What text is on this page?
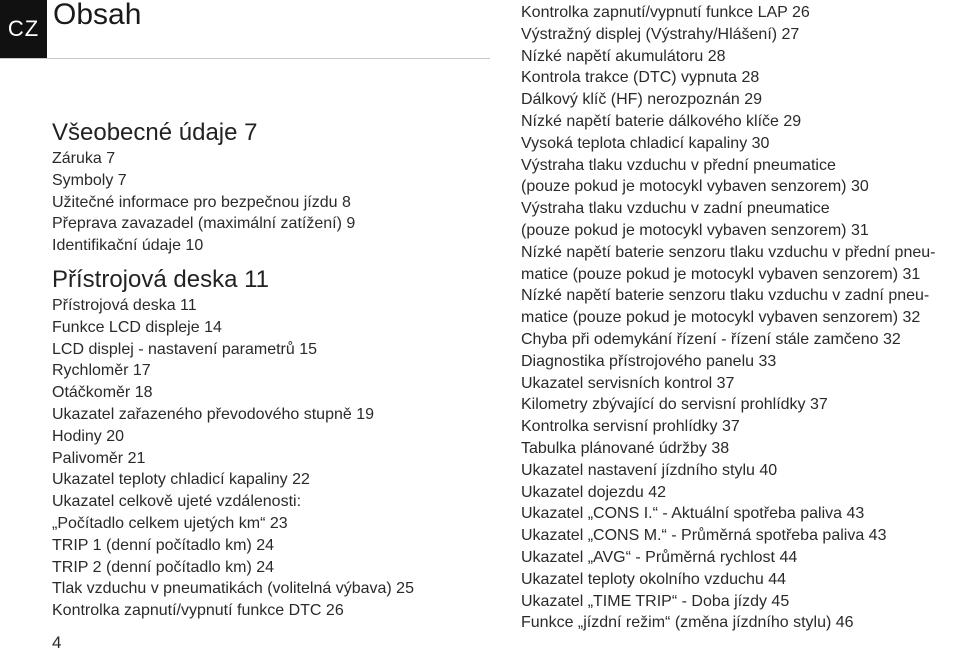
CZ Obsah
Všeobecné údaje 7
Záruka 7
Symboly 7
Užitečné informace pro bezpečnou jízdu 8
Přeprava zavazadel (maximální zatížení) 9
Identifikační údaje 10
Přístrojová deska 11
Přístrojová deska 11
Funkce LCD displeje 14
LCD displej - nastavení parametrů 15
Rychloměr 17
Otáčkoměr 18
Ukazatel zařazeného převodového stupně 19
Hodiny 20
Palivoměr 21
Ukazatel teploty chladicí kapaliny 22
Ukazatel celkově ujeté vzdálenosti:
„Počítadlo celkem ujetých km“ 23
TRIP 1 (denní počítadlo km) 24
TRIP 2 (denní počítadlo km) 24
Tlak vzduchu v pneumatikách (volitelná výbava) 25
Kontrolka zapnutí/vypnutí funkce DTC 26
Kontrolka zapnutí/vypnutí funkce LAP 26
Výstražný displej (Výstrahy/Hlášení) 27
Nízké napětí akumulátoru 28
Kontrola trakce (DTC) vypnuta 28
Dálkový klíč (HF) nerozpoznán 29
Nízké napětí baterie dálkového klíče 29
Vysoká teplota chladicí kapaliny 30
Výstraha tlaku vzduchu v přední pneumatice
(pouze pokud je motocykl vybaven senzorem) 30
Výstraha tlaku vzduchu v zadní pneumatice
(pouze pokud je motocykl vybaven senzorem) 31
Nízké napětí baterie senzoru tlaku vzduchu v přední pneu-
matice (pouze pokud je motocykl vybaven senzorem) 31
Nízké napětí baterie senzoru tlaku vzduchu v zadní pneu-
matice (pouze pokud je motocykl vybaven senzorem) 32
Chyba při odemykání řízení - řízení stále zamčeno 32
Diagnostika přístrojového panelu 33
Ukazatel servisních kontrol 37
Kilometry zbývající do servisní prohlídky 37
Kontrolka servisní prohlídky 37
Tabulka plánované údržby 38
Ukazatel nastavení jízdního stylu 40
Ukazatel dojezdu 42
Ukazatel „CONS I.“ - Aktuální spotřeba paliva 43
Ukazatel „CONS M.“ - Průměrná spotřeba paliva 43
Ukazatel „AVG“ - Průměrná rychlost 44
Ukazatel teploty okolního vzduchu 44
Ukazatel „TIME TRIP“ - Doba jízdy 45
Funkce „jízdní režim“ (změna jízdního stylu) 46
4
